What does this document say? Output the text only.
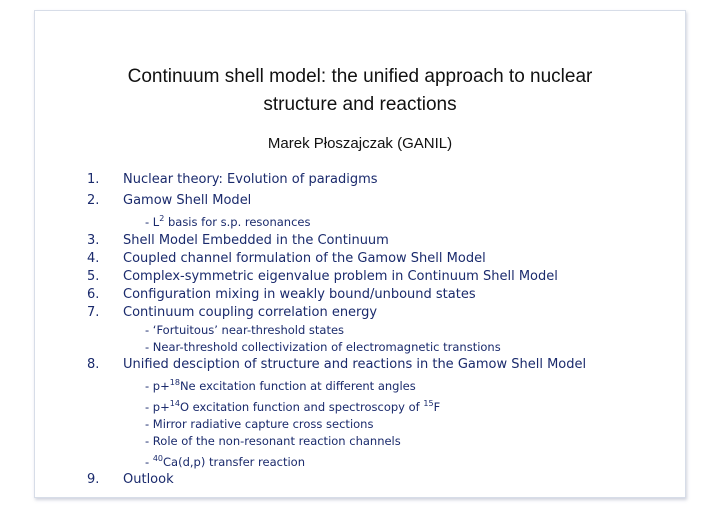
Continuum shell model: the unified approach to nuclear
structure and reactions
Marek Płoszajczak (GANIL)
1.	Nuclear theory: Evolution of paradigms
2.	Gamow Shell Model
- $L^2$ basis for s.p. resonances
3.	Shell Model Embedded in the Continuum
4.	Coupled channel formulation of the Gamow Shell Model
5.	Complex-symmetric eigenvalue problem in Continuum Shell Model
6.	Configuration mixing in weakly bound/unbound states
7.	Continuum coupling correlation energy
- ‘Fortuitous’ near-threshold states
- Near-threshold collectivization of electromagnetic transtions
8.	Unified desciption of structure and reactions in the Gamow Shell Model
- p+$^{18}$Ne excitation function at different angles
- p+$^{14}$O excitation function and spectroscopy of $^{15}$F
- Mirror radiative capture cross sections
- Role of the non-resonant reaction channels
- $^{40}$Ca(d,p) transfer reaction
9.	Outlook
